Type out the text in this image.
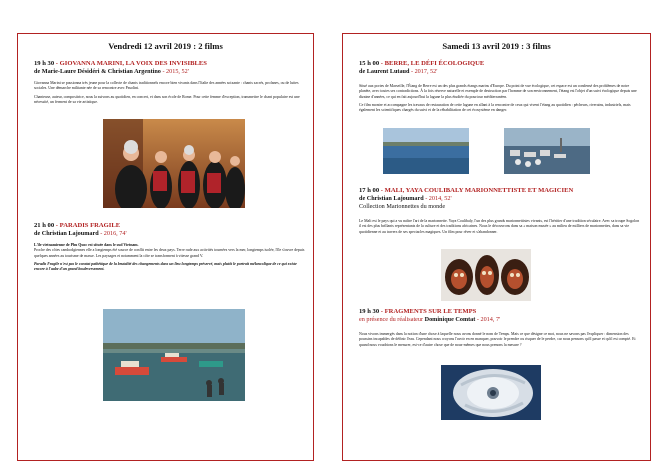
Vendredi 12 avril 2019 : 2 films
19 h 30 - GIOVANNA MARINI, LA VOIX DES INVISIBLES
de Marie-Laure Désidéri & Christian Argentino - 2015, 52'

Giovanna Marini se passionna très jeune pour la collecte de chants traditionnels encore bien vivants dans l'Italie des années soixante : chants sacrés, profanes, ou de luttes sociales. Une démarche militante née de sa rencontre avec Pasolini.

Chanteuse, auteur, compositrice, nous la suivons au quotidien, en concert, et dans son école de Rome. Pour cette femme d'exception, transmettre le chant populaire est une nécessité, un ferment de sa vie artistique.

21 h 00 - PARADIS FRAGILE
de Christian Lajoumard - 2016, 74'

L'île vietnamienne de Phu Quoc est située dans le sud Vietnam.

Proche des côtes cambodgiennes elle a longtemps été source de conflit entre les deux pays. Terre rude aux activités tournées vers la mer, longtemps isolée, l'île s'ouvre depuis quelques années au tourisme de masse. Les paysages et notamment la côte se transforment à vitesse grand V.

Paradis Fragile n'est pas le constat pathétique de la brutalité des changements dans un lieu longtemps préservé, mais plutôt le portrait mélancolique de ce qui existe encore à l'aube d'un grand bouleversement.

Samedi 13 avril 2019 : 3 films
15 h 00 - BERRE, LE DÉFI ÉCOLOGIQUE
de Laurent Lutaud - 2017, 52'

Situé aux portes de Marseille, l'Étang de Berre est un des plus grands étangs marins d'Europe. Du point de vue écologique, cet espace est un condensé des problèmes de notre planète, avec toutes ses contradictions. À la fois réserve naturelle et exemple de destruction par l'homme de son environnement, l'étang est l'objet d'un suivi écologique depuis une dizaine d'années, ce qui en fait aujourd'hui la lagune la plus étudiée du pourtour méditerranéen.

Ce film montre et accompagne les travaux de restauration de cette lagune en allant à la rencontre de ceux qui vivent l'étang au quotidien : pêcheurs, riverains, industriels, mais également les scientifiques chargés du suivi et de la réhabilitation de cet écosystème en danger.

17 h 00 - MALI, YAYA COULIBALY MARIONNETTISTE ET MAGICIEN
de Christian Lajoumard - 2014, 52'
Collection Marionnettes du monde

Le Mali est le pays qui a vu naître l'art de la marionnette. Yaya Coulibaly, l'un des plus grands marionnettistes vivants, est l'héritier d'une tradition séculaire. Avec sa troupe Sogolon il est des plus brillants représentants de la culture et des traditions africaines. Nous le découvrons dans sa « maison musée » au milieu de milliers de marionnettes, dans sa vie quotidienne et au travers de ses spectacles magiques. Un film pour rêver et s'abandonner.

19 h 30 - FRAGMENTS SUR LE TEMPS
en présence du réalisateur Dominique Comtat - 2014, 7'

Nous vivons immergés dans la notion d'une chose à laquelle nous avons donné le nom de Temps. Mais ce que désigne ce mot, nous ne savons pas l'expliquer : dimension des poussins incapables de définir l'eau. Cependant nous croyons l'avoir en en manquer, pouvoir le prendre ou risquer de le perdre, car nous pensons qu'il passe et qu'il est compté. Et quand nous voudrions le mesurer, est-ce d'autre chose que de nous-mêmes que nous prenons la mesure ?
